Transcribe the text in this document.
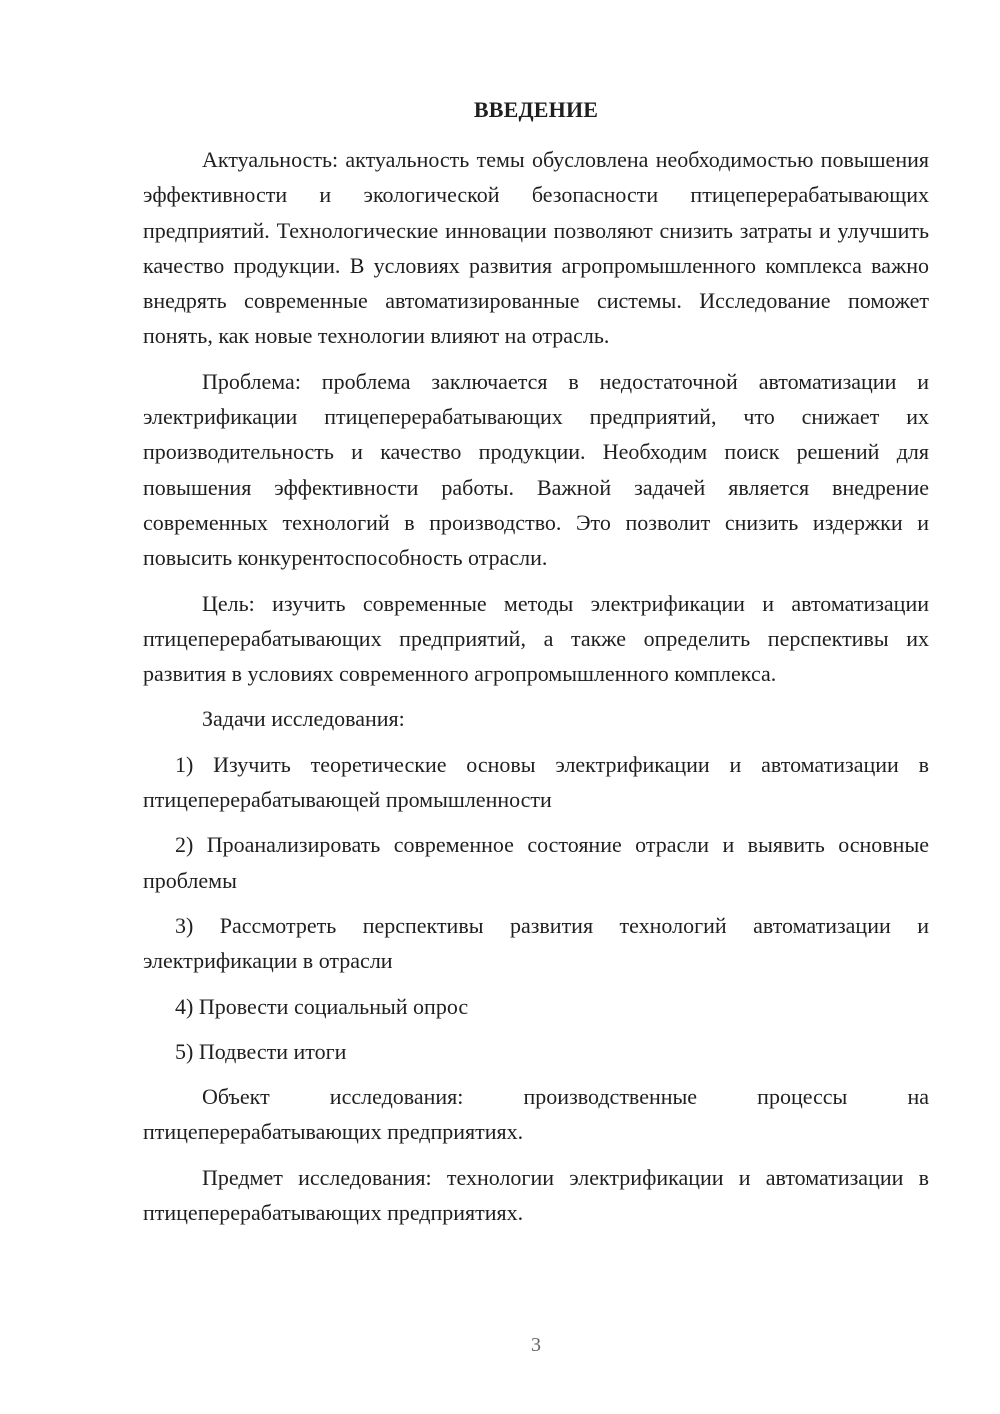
ВВЕДЕНИЕ

Актуальность: актуальность темы обусловлена необходимостью повышения эффективности и экологической безопасности птицеперерабатывающих предприятий. Технологические инновации позволяют снизить затраты и улучшить качество продукции. В условиях развития агропромышленного комплекса важно внедрять современные автоматизированные системы. Исследование поможет понять, как новые технологии влияют на отрасль.

Проблема: проблема заключается в недостаточной автоматизации и электрификации птицеперерабатывающих предприятий, что снижает их производительность и качество продукции. Необходим поиск решений для повышения эффективности работы. Важной задачей является внедрение современных технологий в производство. Это позволит снизить издержки и повысить конкурентоспособность отрасли.

Цель: изучить современные методы электрификации и автоматизации птицеперерабатывающих предприятий, а также определить перспективы их развития в условиях современного агропромышленного комплекса.

Задачи исследования:

1) Изучить теоретические основы электрификации и автоматизации в птицеперерабатывающей промышленности

2) Проанализировать современное состояние отрасли и выявить основные проблемы

3) Рассмотреть перспективы развития технологий автоматизации и электрификации в отрасли

4) Провести социальный опрос

5) Подвести итоги

Объект исследования: производственные процессы на птицеперерабатывающих предприятиях.

Предмет исследования: технологии электрификации и автоматизации в птицеперерабатывающих предприятиях.

3
